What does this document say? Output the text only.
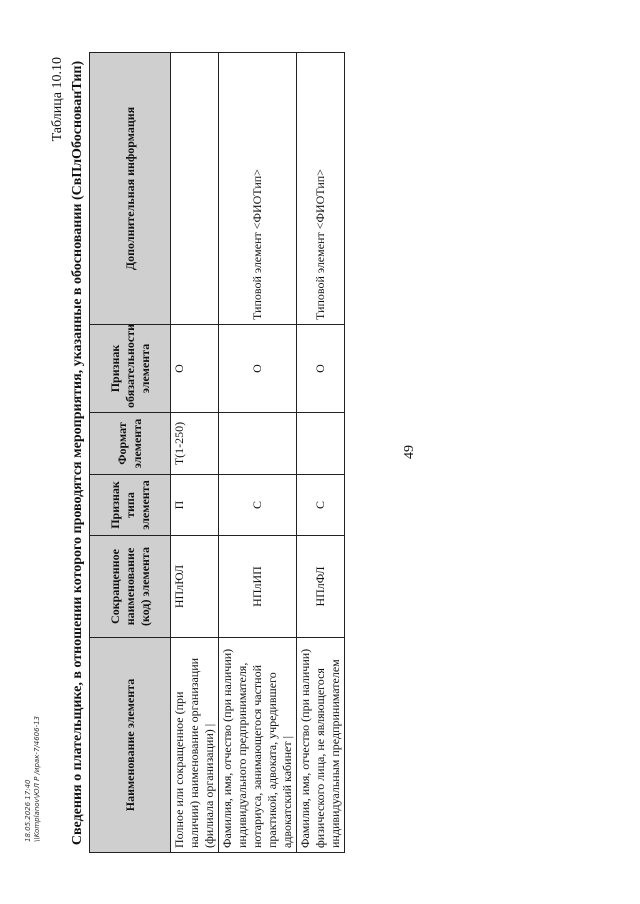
49
18.05.2026 17:40 \\Komplanov\ЮЛ Р /ирак-7/4606-13
Таблица 10.10 Сведения о плательщике, в отношении которого проводятся мероприятия, указанные в обосновании (СвПлОбоснованТип)	Наименование элемента	Сокращенное наименование (код) элемента	Признак типа элемента	Формат элемента	Признак обязательности элемента	Дополнительная информация
Полное или сокращенное (при наличии) наименование организации (филиала организации) |	НПлЮЛ	П	T(1-250)	О	
Фамилия, имя, отчество (при наличии) индивидуального предпринимателя, нотариуса, занимающегося частной практикой, адвоката, учредившего адвокатский кабинет |	НПлИП	С		О	Типовой элемент <ФИОТип>
Фамилия, имя, отчество (при наличии) физического лица, не являющегося индивидуальным предпринимателем	НПлФЛ	С		О	Типовой элемент <ФИОТип>
